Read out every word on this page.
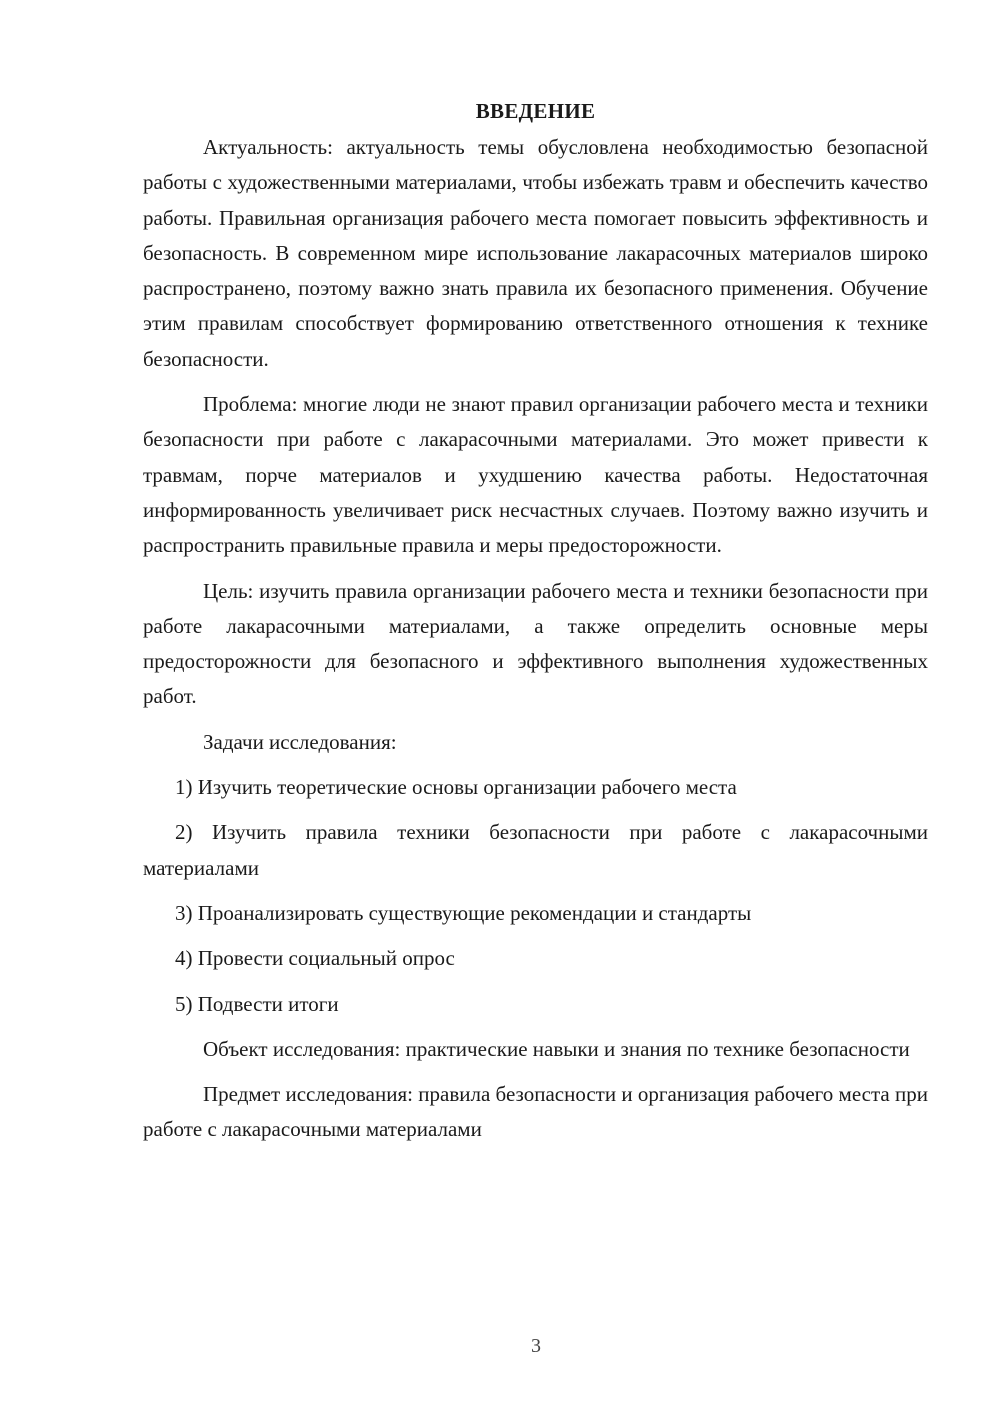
ВВЕДЕНИЕ

Актуальность: актуальность темы обусловлена необходимостью безопасной работы с художественными материалами, чтобы избежать травм и обеспечить качество работы. Правильная организация рабочего места помогает повысить эффективность и безопасность. В современном мире использование лакарасочных материалов широко распространено, поэтому важно знать правила их безопасного применения. Обучение этим правилам способствует формированию ответственного отношения к технике безопасности.

Проблема: многие люди не знают правил организации рабочего места и техники безопасности при работе с лакарасочными материалами. Это может привести к травмам, порче материалов и ухудшению качества работы. Недостаточная информированность увеличивает риск несчастных случаев. Поэтому важно изучить и распространить правильные правила и меры предосторожности.

Цель: изучить правила организации рабочего места и техники безопасности при работе лакарасочными материалами, а также определить основные меры предосторожности для безопасного и эффективного выполнения художественных работ.

Задачи исследования:

1) Изучить теоретические основы организации рабочего места

2) Изучить правила техники безопасности при работе с лакарасочными материалами

3) Проанализировать существующие рекомендации и стандарты

4) Провести социальный опрос

5) Подвести итоги

Объект исследования: практические навыки и знания по технике безопасности

Предмет исследования: правила безопасности и организация рабочего места при работе с лакарасочными материалами

3
